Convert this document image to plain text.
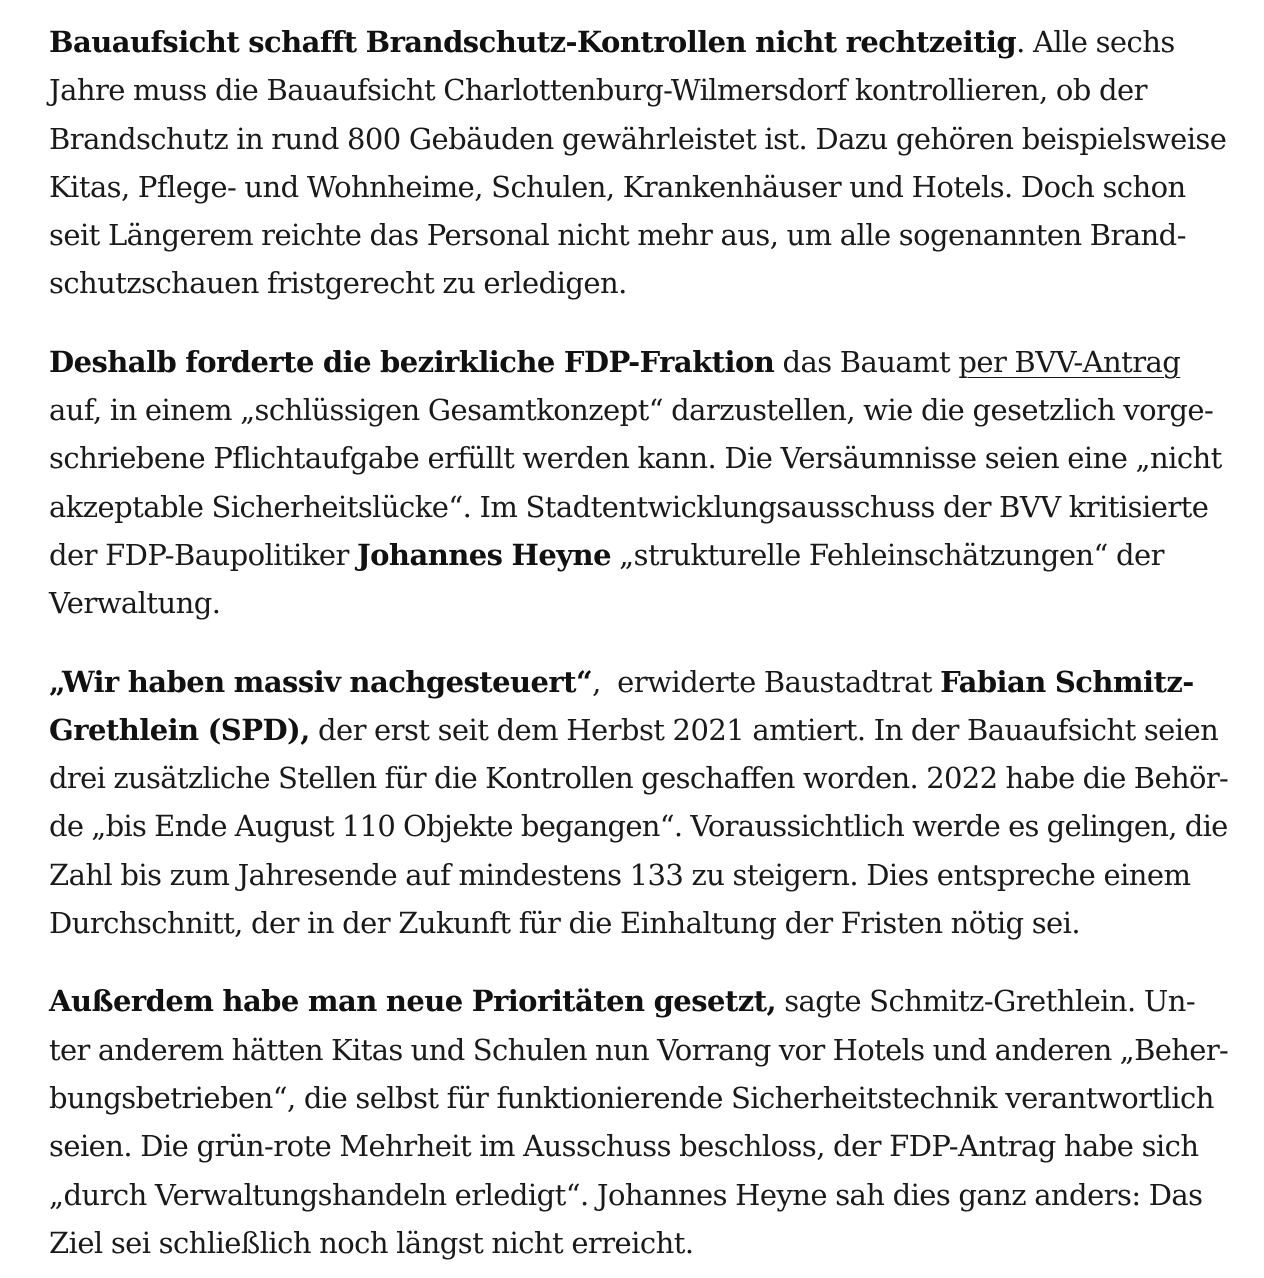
Bauaufsicht schafft Brandschutz-Kontrollen nicht rechtzeitig. Alle sechs
Jahre muss die Bauaufsicht Charlottenburg-Wilmersdorf kontrollieren, ob der
Brandschutz in rund 800 Gebäuden gewährleistet ist. Dazu gehören beispielsweise
Kitas, Pflege- und Wohnheime, Schulen, Krankenhäuser und Hotels. Doch schon
seit Längerem reichte das Personal nicht mehr aus, um alle sogenannten Brand-
schutzschauen fristgerecht zu erledigen.

Deshalb forderte die bezirkliche FDP-Fraktion das Bauamt per BVV-Antrag
auf, in einem „schlüssigen Gesamtkonzept“ darzustellen, wie die gesetzlich vorge-
schriebene Pflichtaufgabe erfüllt werden kann. Die Versäumnisse seien eine „nicht
akzeptable Sicherheitslücke“. Im Stadtentwicklungsausschuss der BVV kritisierte
der FDP-Baupolitiker Johannes Heyne „strukturelle Fehleinschätzungen“ der
Verwaltung.

„Wir haben massiv nachgesteuert“,  erwiderte Baustadtrat Fabian Schmitz-
Grethlein (SPD), der erst seit dem Herbst 2021 amtiert. In der Bauaufsicht seien
drei zusätzliche Stellen für die Kontrollen geschaffen worden. 2022 habe die Behör-
de „bis Ende August 110 Objekte begangen“. Voraussichtlich werde es gelingen, die
Zahl bis zum Jahresende auf mindestens 133 zu steigern. Dies entspreche einem
Durchschnitt, der in der Zukunft für die Einhaltung der Fristen nötig sei.

Außerdem habe man neue Prioritäten gesetzt, sagte Schmitz-Grethlein. Un-
ter anderem hätten Kitas und Schulen nun Vorrang vor Hotels und anderen „Beher-
bungsbetrieben“, die selbst für funktionierende Sicherheitstechnik verantwortlich
seien. Die grün-rote Mehrheit im Ausschuss beschloss, der FDP-Antrag habe sich
„durch Verwaltungshandeln erledigt“. Johannes Heyne sah dies ganz anders: Das
Ziel sei schließlich noch längst nicht erreicht.
